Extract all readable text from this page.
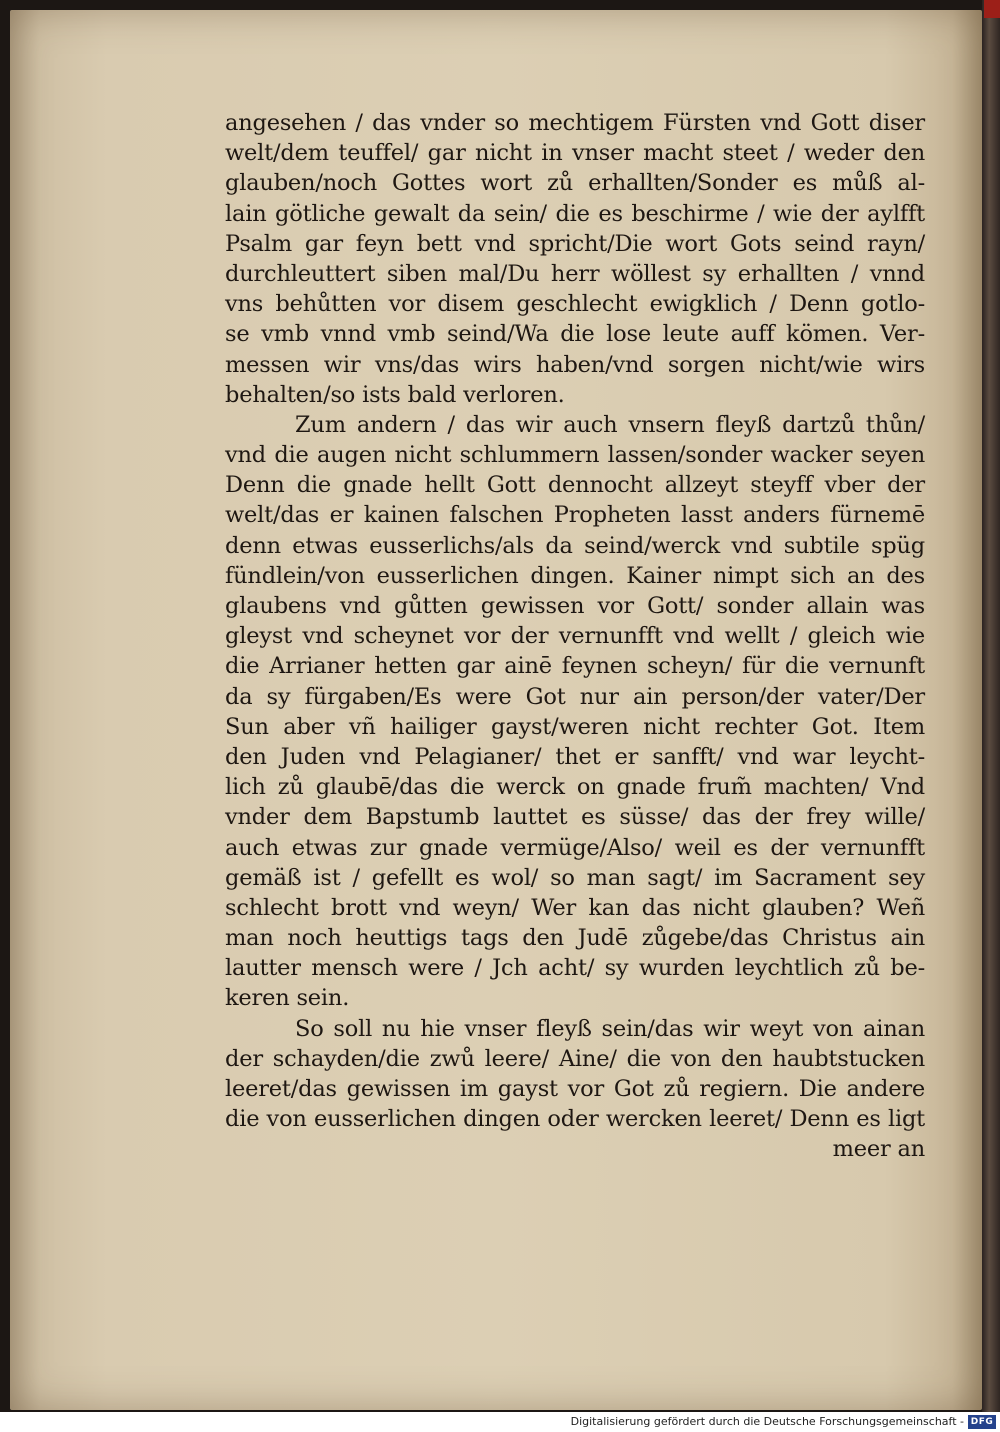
angesehen / das vnder so mechtigem Fürsten vnd Gott diser
welt/dem teuffel/ gar nicht in vnser macht steet / weder den
glauben/noch Gottes wort zů erhallten/Sonder es můß al-
lain götliche gewalt da sein/ die es beschirme / wie der aylfft
Psalm gar feyn bett vnd spricht/Die wort Gots seind rayn/
durchleuttert siben mal/Du herr wöllest sy erhallten / vnnd
vns behůtten vor disem geschlecht ewigklich / Denn gotlo-
se vmb vnnd vmb seind/Wa die lose leute auff kömen. Ver-
messen wir vns/das wirs haben/vnd sorgen nicht/wie wirs
behalten/so ists bald verloren.
Zum andern / das wir auch vnsern fleyß dartzů thůn/
vnd die augen nicht schlummern lassen/sonder wacker seyen
Denn die gnade hellt Gott dennocht allzeyt steyff vber der
welt/das er kainen falschen Propheten lasst anders fürnemē
denn etwas eusserlichs/als da seind/werck vnd subtile spüg
fündlein/von eusserlichen dingen. Kainer nimpt sich an des
glaubens vnd gůtten gewissen vor Gott/ sonder allain was
gleyst vnd scheynet vor der vernunfft vnd wellt / gleich wie
die Arrianer hetten gar ainē feynen scheyn/ für die vernunft
da sy fürgaben/Es were Got nur ain person/der vater/Der
Sun aber vñ hailiger gayst/weren nicht rechter Got. Item
den Juden vnd Pelagianer/ thet er sanfft/ vnd war leycht-
lich zů glaubē/das die werck on gnade frum̃ machten/ Vnd
vnder dem Bapstumb lauttet es süsse/ das der frey wille/
auch etwas zur gnade vermüge/Also/ weil es der vernunfft
gemäß ist / gefellt es wol/ so man sagt/ im Sacrament sey
schlecht brott vnd weyn/ Wer kan das nicht glauben? Weñ
man noch heuttigs tags den Judē zůgebe/das Christus ain
lautter mensch were / Jch acht/ sy wurden leychtlich zů be-
keren sein.
So soll nu hie vnser fleyß sein/das wir weyt von ainan
der schayden/die zwů leere/ Aine/ die von den haubtstucken
leeret/das gewissen im gayst vor Got zů regiern. Die andere
die von eusserlichen dingen oder wercken leeret/ Denn es ligt
meer an
Digitalisierung gefördert durch die Deutsche Forschungsgemeinschaft - DFG
